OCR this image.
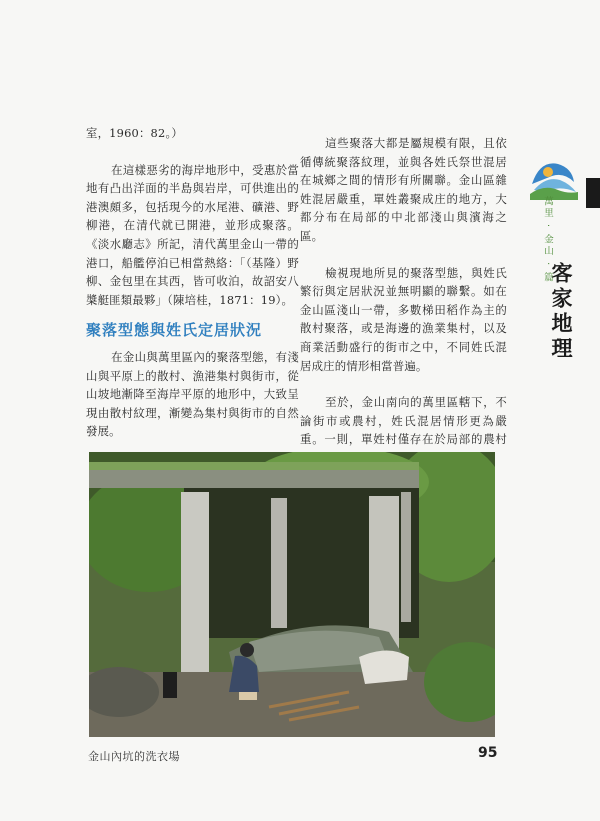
室，1960：82。）

在這樣惡劣的海岸地形中，受惠於當地有凸出洋面的半島與岩岸，可供進出的港澳頗多，包括現今的水尾港、礦港、野柳港，在清代就已開港，並形成聚落。《淡水廳志》所記，清代萬里金山一帶的港口，船艦停泊已相當熱絡：「（基隆）野柳、金包里在其西，皆可收泊，故詔安八槳艇匪類最夥」（陳培桂，1871：19）。

聚落型態與姓氏定居狀況

在金山與萬里區內的聚落型態，有淺山與平原上的散村、漁港集村與街市，從山坡地漸降至海岸平原的地形中，大致呈現由散村紋理，漸變為集村與街市的自然發展。

這些聚落大都是屬規模有限，且依循傳統聚落紋理，並與各姓氏祭世混居在城鄉之間的情形有所關聯。金山區雜姓混居嚴重，單姓叢聚成庄的地方，大都分布在局部的中北部淺山與濱海之區。

檢視現地所見的聚落型態，與姓氏繁衍與定居狀況並無明顯的聯繫。如在金山區淺山一帶，多數梯田稻作為主的散村聚落，或是海邊的漁業集村，以及商業活動盛行的街市之中，不同姓氏混居成庄的情形相當普遍。

至於，金山南向的萬里區轄下，不論街市或農村，姓氏混居情形更為嚴重。一則，單姓村僅存在於局部的農村

萬里 · 金山 · 篇
客家地理
金山內坑的洗衣場	95
